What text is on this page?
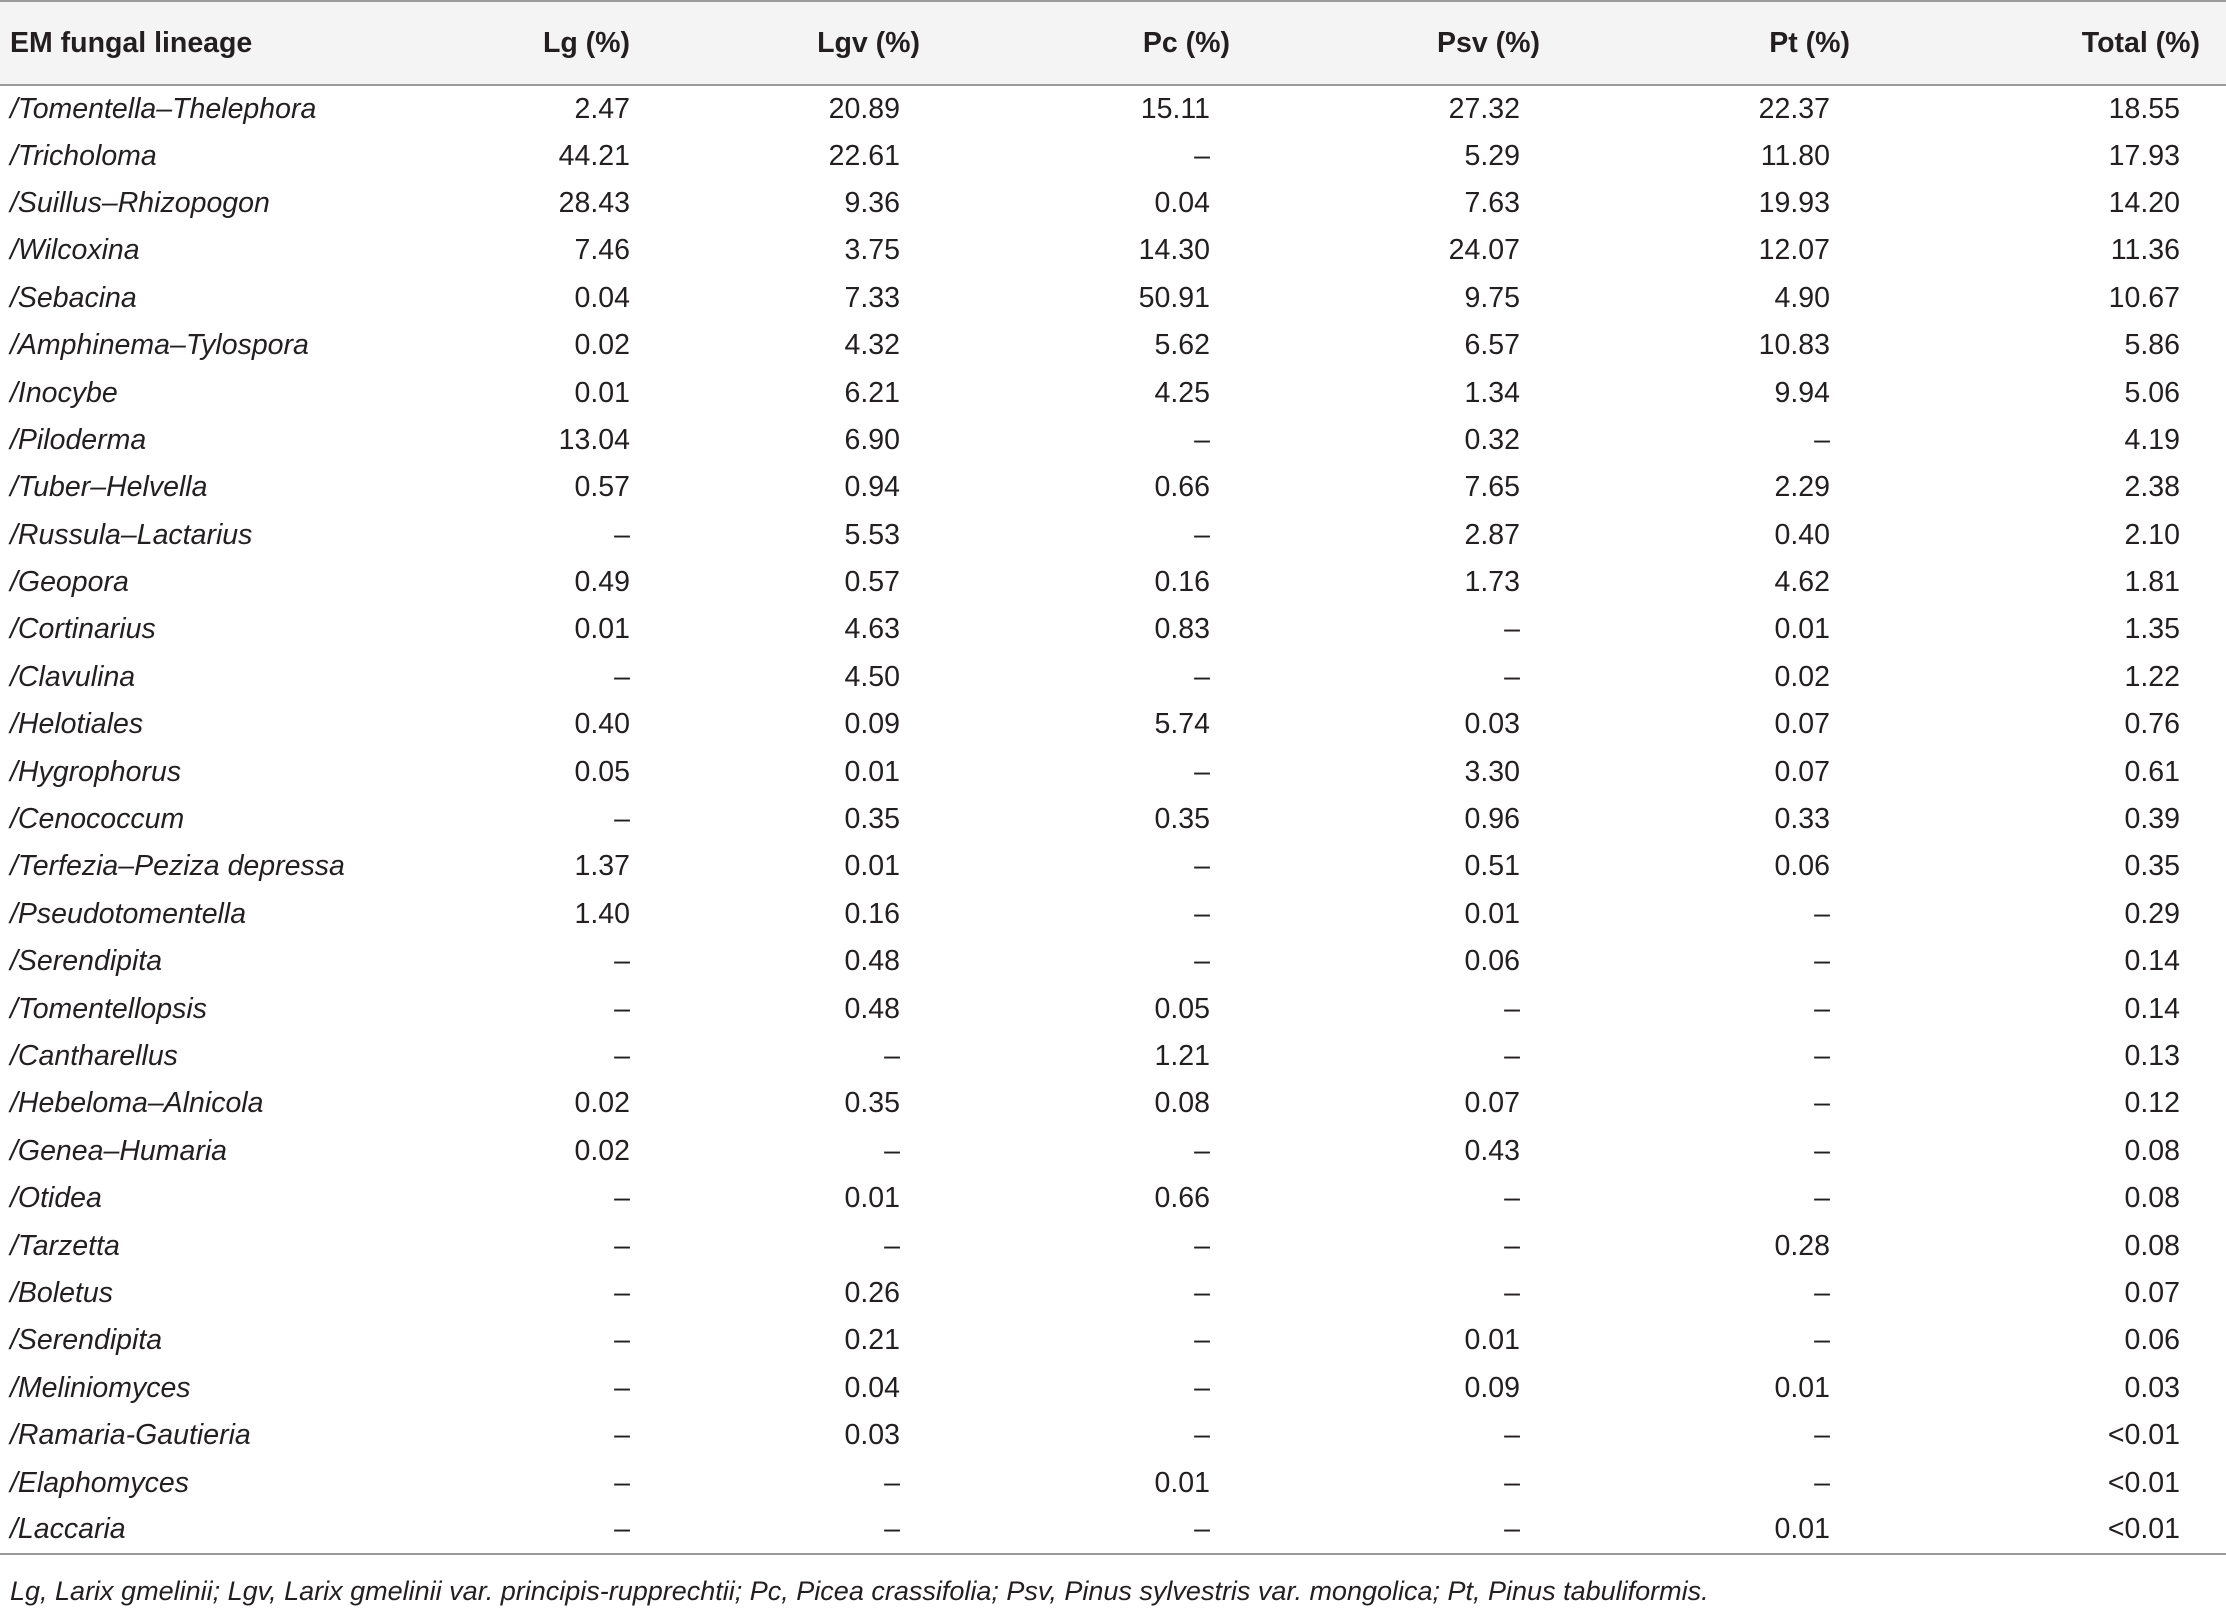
EM fungal lineage	Lg (%)	Lgv (%)	Pc (%)	Psv (%)	Pt (%)	Total (%)
/Tomentella–Thelephora	2.47	20.89	15.11	27.32	22.37	18.55
/Tricholoma	44.21	22.61	–	5.29	11.80	17.93
/Suillus–Rhizopogon	28.43	9.36	0.04	7.63	19.93	14.20
/Wilcoxina	7.46	3.75	14.30	24.07	12.07	11.36
/Sebacina	0.04	7.33	50.91	9.75	4.90	10.67
/Amphinema–Tylospora	0.02	4.32	5.62	6.57	10.83	5.86
/Inocybe	0.01	6.21	4.25	1.34	9.94	5.06
/Piloderma	13.04	6.90	–	0.32	–	4.19
/Tuber–Helvella	0.57	0.94	0.66	7.65	2.29	2.38
/Russula–Lactarius	–	5.53	–	2.87	0.40	2.10
/Geopora	0.49	0.57	0.16	1.73	4.62	1.81
/Cortinarius	0.01	4.63	0.83	–	0.01	1.35
/Clavulina	–	4.50	–	–	0.02	1.22
/Helotiales	0.40	0.09	5.74	0.03	0.07	0.76
/Hygrophorus	0.05	0.01	–	3.30	0.07	0.61
/Cenococcum	–	0.35	0.35	0.96	0.33	0.39
/Terfezia–Peziza depressa	1.37	0.01	–	0.51	0.06	0.35
/Pseudotomentella	1.40	0.16	–	0.01	–	0.29
/Serendipita	–	0.48	–	0.06	–	0.14
/Tomentellopsis	–	0.48	0.05	–	–	0.14
/Cantharellus	–	–	1.21	–	–	0.13
/Hebeloma–Alnicola	0.02	0.35	0.08	0.07	–	0.12
/Genea–Humaria	0.02	–	–	0.43	–	0.08
/Otidea	–	0.01	0.66	–	–	0.08
/Tarzetta	–	–	–	–	0.28	0.08
/Boletus	–	0.26	–	–	–	0.07
/Serendipita	–	0.21	–	0.01	–	0.06
/Meliniomyces	–	0.04	–	0.09	0.01	0.03
/Ramaria-Gautieria	–	0.03	–	–	–	<0.01
/Elaphomyces	–	–	0.01	–	–	<0.01
/Laccaria	–	–	–	–	0.01	<0.01
Lg, Larix gmelinii; Lgv, Larix gmelinii var. principis-rupprechtii; Pc, Picea crassifolia; Psv, Pinus sylvestris var. mongolica; Pt, Pinus tabuliformis.
